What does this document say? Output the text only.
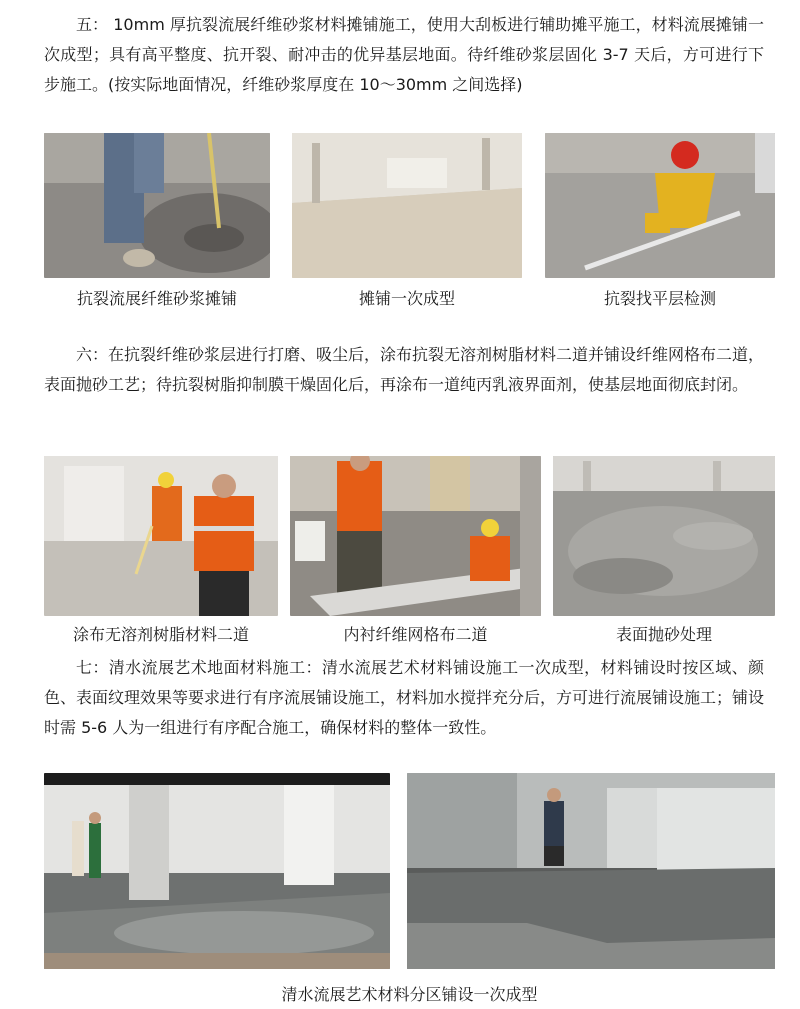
五： 10mm 厚抗裂流展纤维砂浆材料摊铺施工，使用大刮板进行辅助摊平施工，材料流展摊铺一次成型；具有高平整度、抗开裂、耐冲击的优异基层地面。待纤维砂浆层固化 3-7 天后，方可进行下步施工。(按实际地面情况，纤维砂浆厚度在 10～30mm 之间选择)

抗裂流展纤维砂浆摊铺	摊铺一次成型	抗裂找平层检测

六：在抗裂纤维砂浆层进行打磨、吸尘后，涂布抗裂无溶剂树脂材料二道并铺设纤维网格布二道，表面抛砂工艺；待抗裂树脂抑制膜干燥固化后，再涂布一道纯丙乳液界面剂，使基层地面彻底封闭。

涂布无溶剂树脂材料二道	内衬纤维网格布二道	表面抛砂处理

七：清水流展艺术地面材料施工：清水流展艺术材料铺设施工一次成型，材料铺设时按区域、颜色、表面纹理效果等要求进行有序流展铺设施工，材料加水搅拌充分后，方可进行流展铺设施工；铺设时需 5-6 人为一组进行有序配合施工，确保材料的整体一致性。

清水流展艺术材料分区铺设一次成型
